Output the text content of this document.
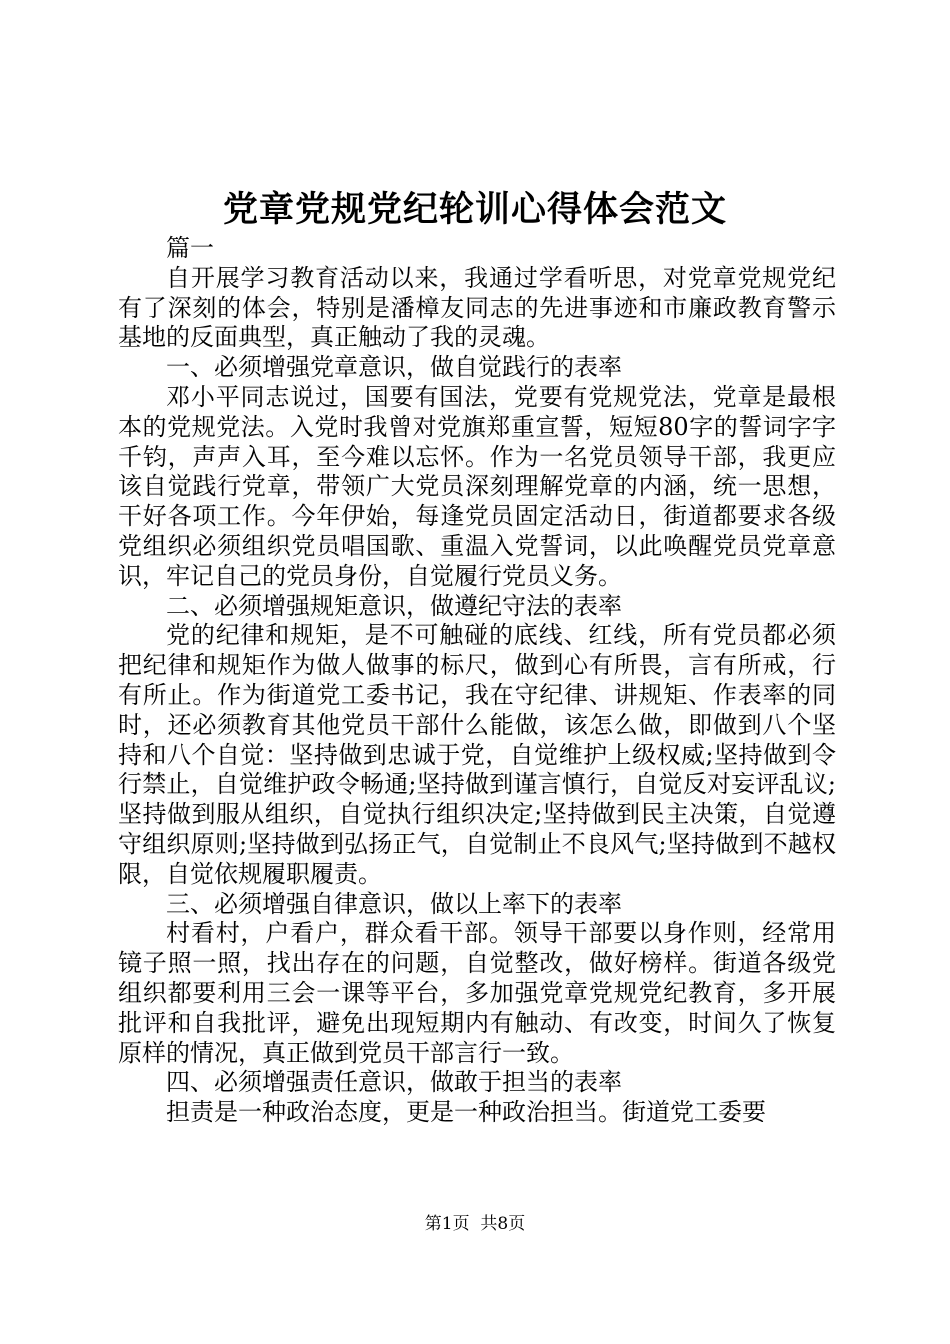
党章党规党纪轮训心得体会范文

篇一

自开展学习教育活动以来，我通过学看听思，对党章党规党纪有了深刻的体会，特别是潘樟友同志的先进事迹和市廉政教育警示基地的反面典型，真正触动了我的灵魂。

一、必须增强党章意识，做自觉践行的表率

邓小平同志说过，国要有国法，党要有党规党法，党章是最根本的党规党法。入党时我曾对党旗郑重宣誓，短短80字的誓词字字千钧，声声入耳，至今难以忘怀。作为一名党员领导干部，我更应该自觉践行党章，带领广大党员深刻理解党章的内涵，统一思想，干好各项工作。今年伊始，每逢党员固定活动日，街道都要求各级党组织必须组织党员唱国歌、重温入党誓词，以此唤醒党员党章意识，牢记自己的党员身份，自觉履行党员义务。

二、必须增强规矩意识，做遵纪守法的表率

党的纪律和规矩，是不可触碰的底线、红线，所有党员都必须把纪律和规矩作为做人做事的标尺，做到心有所畏，言有所戒，行有所止。作为街道党工委书记，我在守纪律、讲规矩、作表率的同时，还必须教育其他党员干部什么能做，该怎么做，即做到八个坚持和八个自觉：坚持做到忠诚于党，自觉维护上级权威;坚持做到令行禁止，自觉维护政令畅通;坚持做到谨言慎行，自觉反对妄评乱议;坚持做到服从组织，自觉执行组织决定;坚持做到民主决策，自觉遵守组织原则;坚持做到弘扬正气，自觉制止不良风气;坚持做到不越权限，自觉依规履职履责。

三、必须增强自律意识，做以上率下的表率

村看村，户看户，群众看干部。领导干部要以身作则，经常用镜子照一照，找出存在的问题，自觉整改，做好榜样。街道各级党组织都要利用三会一课等平台，多加强党章党规党纪教育，多开展批评和自我批评，避免出现短期内有触动、有改变，时间久了恢复原样的情况，真正做到党员干部言行一致。

四、必须增强责任意识，做敢于担当的表率

担责是一种政治态度，更是一种政治担当。街道党工委要

第1页  共8页
